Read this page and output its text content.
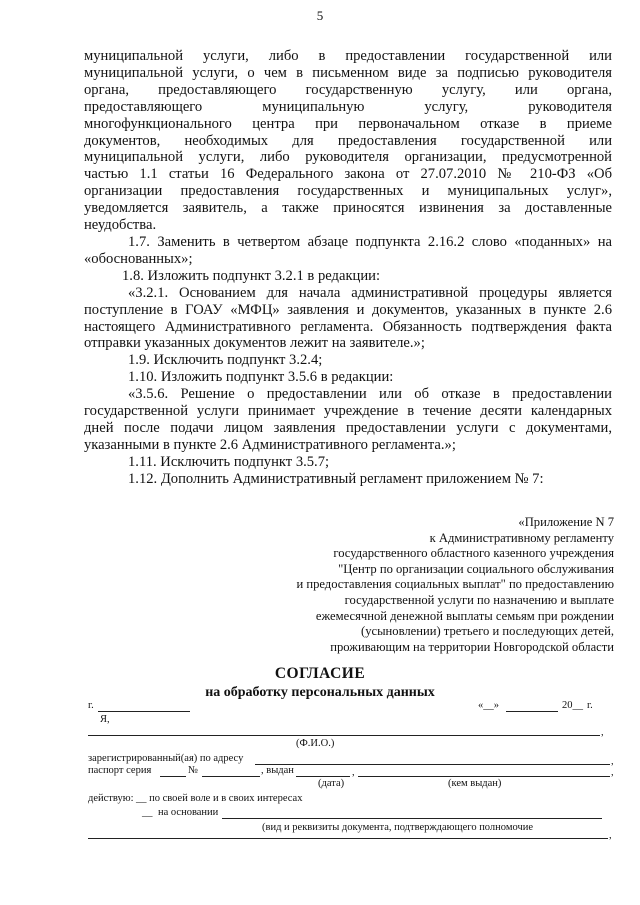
5

муниципальной услуги, либо в предоставлении государственной или

муниципальной услуги, о чем в письменном виде за подписью руководителя

органа, предоставляющего государственную услугу, или органа,

предоставляющего муниципальную услугу, руководителя

многофункционального центра при первоначальном отказе в приеме

документов, необходимых для предоставления государственной или

муниципальной услуги, либо руководителя организации, предусмотренной

частью 1.1 статьи 16 Федерального закона от 27.07.2010 № 210-ФЗ «Об

организации предоставления государственных и муниципальных услуг»,

уведомляется заявитель, а также приносятся извинения за доставленные

неудобства.

1.7. Заменить в четвертом абзаце подпункта 2.16.2 слово «поданных» на

«обоснованных»;

1.8. Изложить подпункт 3.2.1 в редакции:

«3.2.1. Основанием для начала административной процедуры является

поступление в ГОАУ «МФЦ» заявления и документов, указанных в пункте 2.6

настоящего Административного регламента. Обязанность подтверждения факта

отправки указанных документов лежит на заявителе.»;

1.9. Исключить подпункт 3.2.4;

1.10. Изложить подпункт 3.5.6 в редакции:

«3.5.6. Решение о предоставлении или об отказе в предоставлении

государственной услуги принимает учреждение в течение десяти календарных

дней после подачи лицом заявления предоставлении услуги с документами,

указанными в пункте 2.6 Административного регламента.»;

1.11. Исключить подпункт 3.5.7;

1.12. Дополнить Административный регламент приложением № 7:

«Приложение N 7
к Административному регламенту
государственного областного казенного учреждения
"Центр по организации социального обслуживания
и предоставления социальных выплат" по предоставлению
государственной услуги по назначению и выплате
ежемесячной денежной выплаты семьям при рождении
(усыновлении) третьего и последующих детей,
проживающим на территории Новгородской области
СОГЛАСИЕ
на обработку персональных данных
г.	«__»	20__ г.
Я,
,
(Ф.И.О.)
зарегистрированный(ая) по адресу	,
паспорт серия	№	, выдан	,	,
(дата)	(кем выдан)
действую: __ по своей воле и в своих интересах
__ на основании
(вид и реквизиты документа, подтверждающего полномочие
,
